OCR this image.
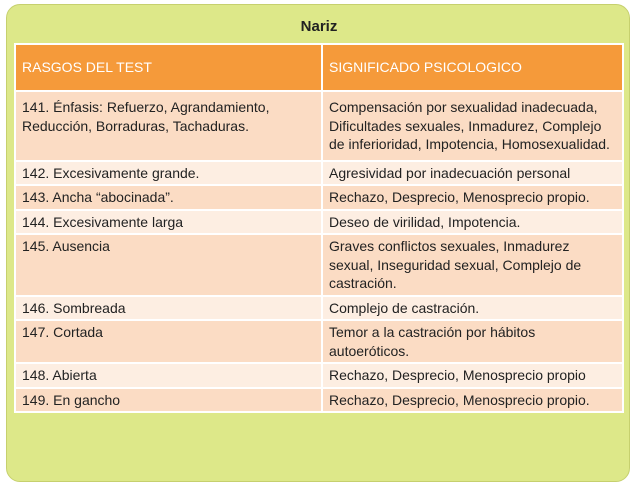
Nariz
RASGOS DEL TEST	SIGNIFICADO PSICOLOGICO
141. Énfasis: Refuerzo, Agrandamiento, Reducción, Borraduras, Tachaduras.	Compensación por sexualidad inadecuada, Dificultades sexuales, Inmadurez, Complejo de inferioridad, Impotencia, Homosexualidad.
142. Excesivamente grande.	Agresividad por inadecuación personal
143. Ancha “abocinada”.	Rechazo, Desprecio, Menosprecio propio.
144. Excesivamente larga	Deseo de virilidad, Impotencia.
145. Ausencia	Graves conflictos sexuales, Inmadurez sexual, Inseguridad sexual, Complejo de castración.
146. Sombreada	Complejo de castración.
147. Cortada	Temor a la castración por hábitos autoeróticos.
148. Abierta	Rechazo, Desprecio, Menosprecio propio
149. En gancho	Rechazo, Desprecio, Menosprecio propio.
